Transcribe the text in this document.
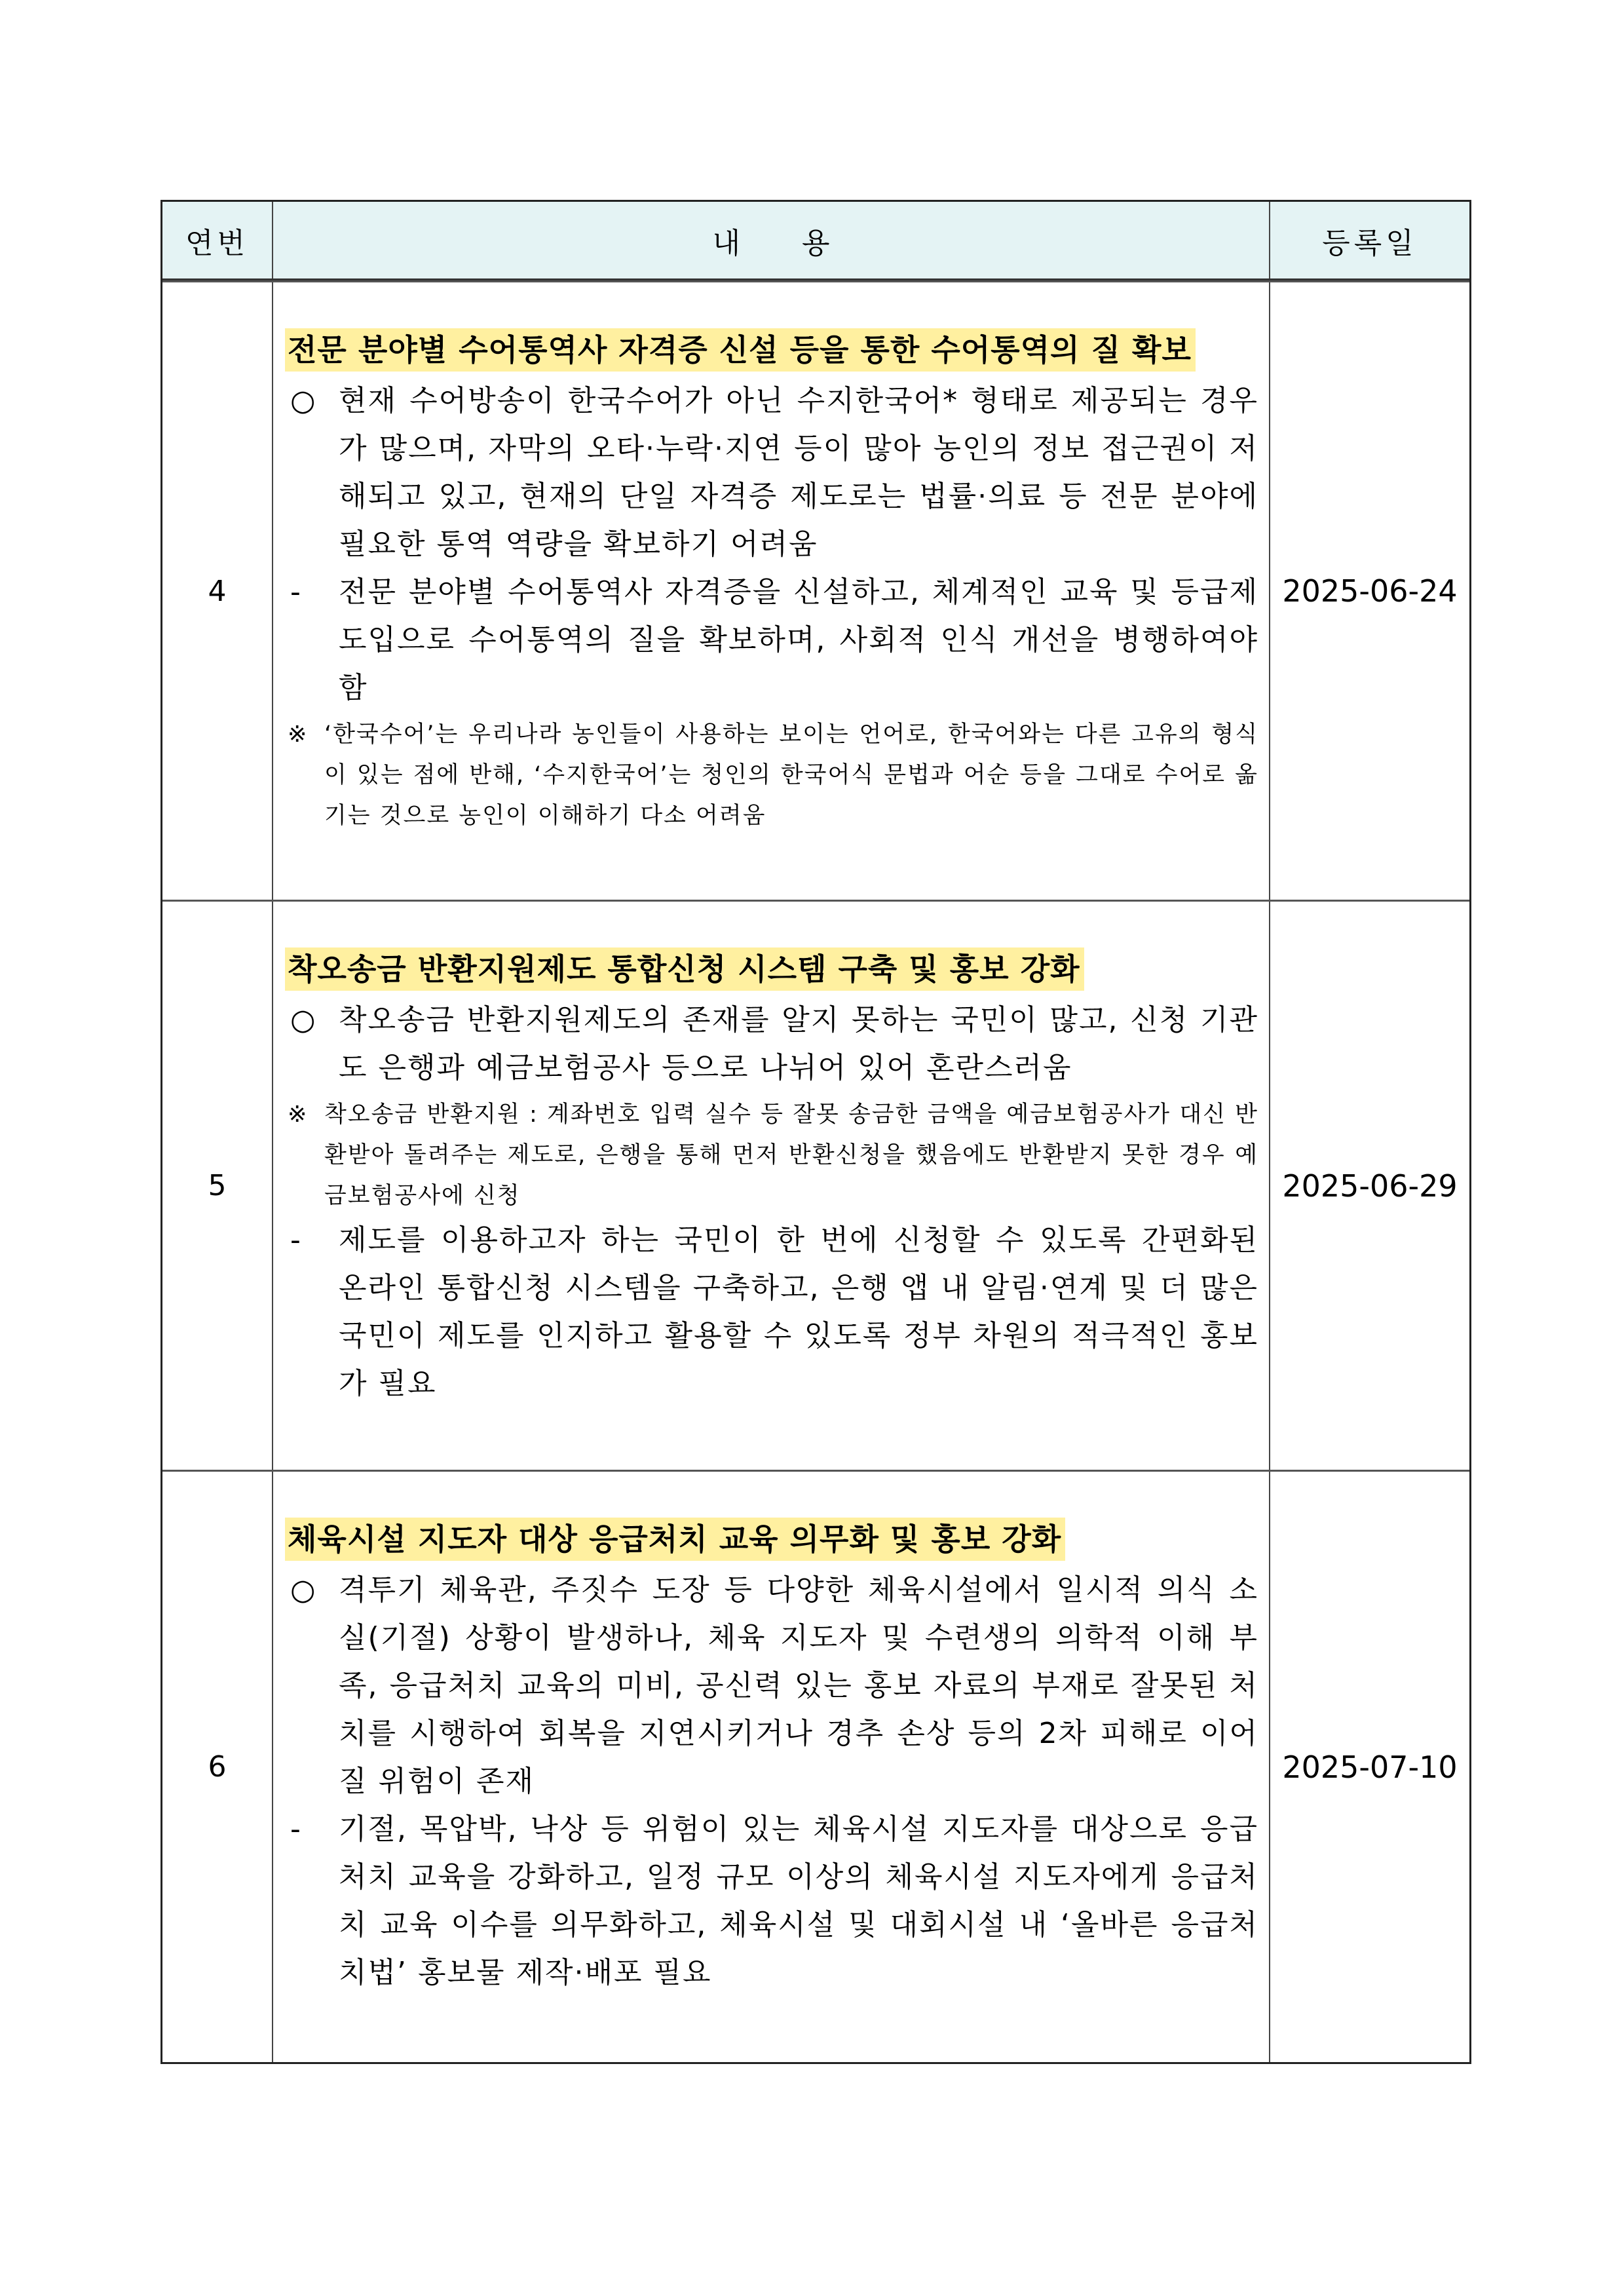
연번	내 용	등록일
4
전문 분야별 수어통역사 자격증 신설 등을 통한 수어통역의 질 확보
○ 현재 수어방송이 한국수어가 아닌 수지한국어* 형태로 제공되는 경우가 많으며, 자막의 오타·누락·지연 등이 많아 농인의 정보 접근권이 저해되고 있고, 현재의 단일 자격증 제도로는 법률·의료 등 전문 분야에 필요한 통역 역량을 확보하기 어려움
- 전문 분야별 수어통역사 자격증을 신설하고, 체계적인 교육 및 등급제 도입으로 수어통역의 질을 확보하며, 사회적 인식 개선을 병행하여야 함
※ ‘한국수어’는 우리나라 농인들이 사용하는 보이는 언어로, 한국어와는 다른 고유의 형식이 있는 점에 반해, ‘수지한국어’는 청인의 한국어식 문법과 어순 등을 그대로 수어로 옮기는 것으로 농인이 이해하기 다소 어려움
2025-06-24
5
착오송금 반환지원제도 통합신청 시스템 구축 및 홍보 강화
○ 착오송금 반환지원제도의 존재를 알지 못하는 국민이 많고, 신청 기관도 은행과 예금보험공사 등으로 나뉘어 있어 혼란스러움
※ 착오송금 반환지원 : 계좌번호 입력 실수 등 잘못 송금한 금액을 예금보험공사가 대신 반환받아 돌려주는 제도로, 은행을 통해 먼저 반환신청을 했음에도 반환받지 못한 경우 예금보험공사에 신청
- 제도를 이용하고자 하는 국민이 한 번에 신청할 수 있도록 간편화된 온라인 통합신청 시스템을 구축하고, 은행 앱 내 알림·연계 및 더 많은 국민이 제도를 인지하고 활용할 수 있도록 정부 차원의 적극적인 홍보가 필요
2025-06-29
6
체육시설 지도자 대상 응급처치 교육 의무화 및 홍보 강화
○ 격투기 체육관, 주짓수 도장 등 다양한 체육시설에서 일시적 의식 소실(기절) 상황이 발생하나, 체육 지도자 및 수련생의 의학적 이해 부족, 응급처치 교육의 미비, 공신력 있는 홍보 자료의 부재로 잘못된 처치를 시행하여 회복을 지연시키거나 경추 손상 등의 2차 피해로 이어질 위험이 존재
- 기절, 목압박, 낙상 등 위험이 있는 체육시설 지도자를 대상으로 응급처치 교육을 강화하고, 일정 규모 이상의 체육시설 지도자에게 응급처치 교육 이수를 의무화하고, 체육시설 및 대회시설 내 ‘올바른 응급처치법’ 홍보물 제작·배포 필요
2025-07-10
